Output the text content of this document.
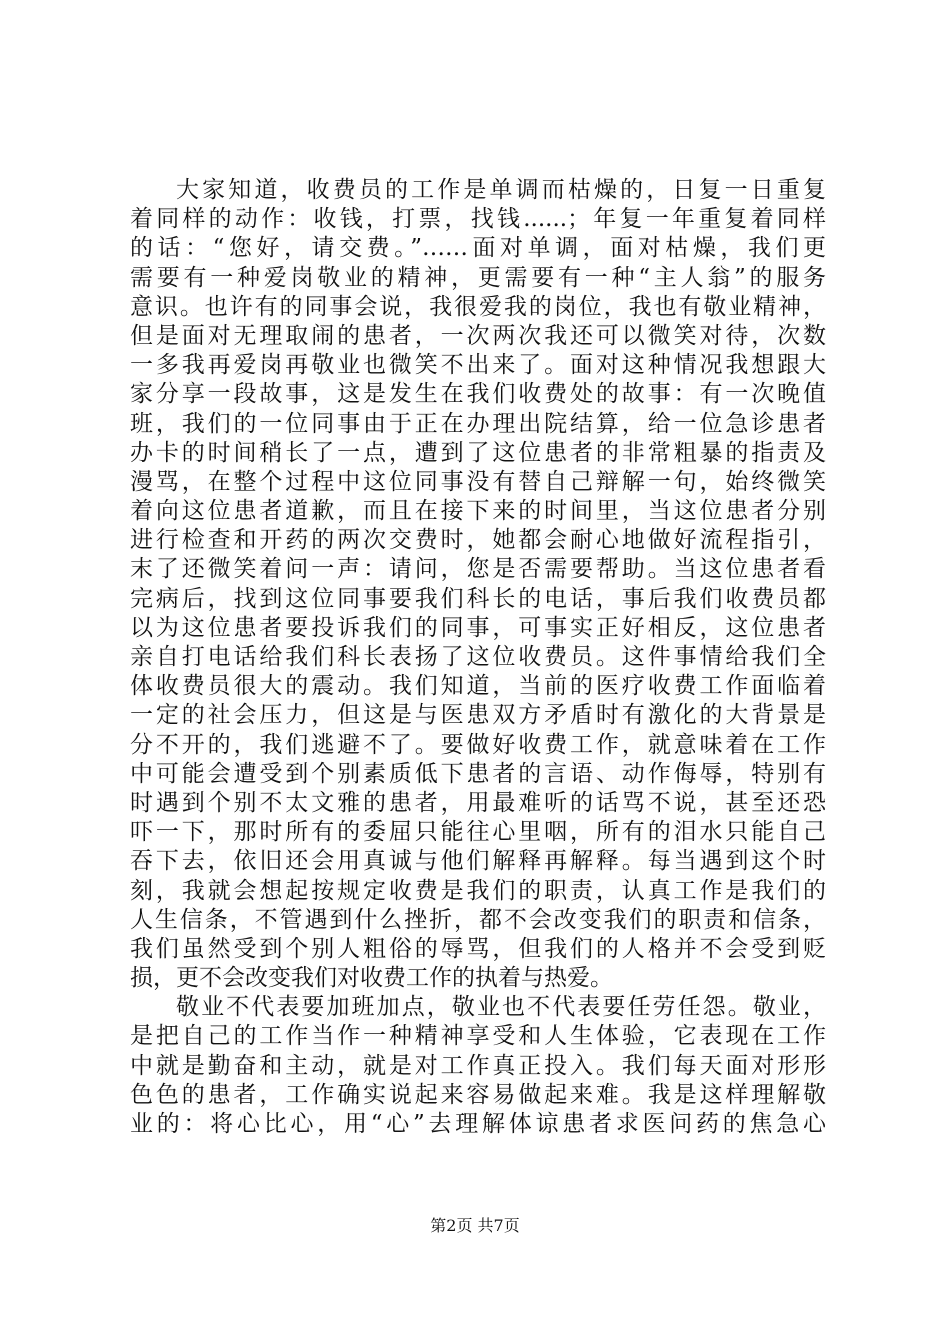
大家知道，收费员的工作是单调而枯燥的，日复一日重复
着同样的动作：收钱，打票，找钱......；年复一年重复着同样
的话：“您好，请交费。”……面对单调，面对枯燥，我们更
需要有一种爱岗敬业的精神，更需要有一种“主人翁”的服务
意识。也许有的同事会说，我很爱我的岗位，我也有敬业精神，
但是面对无理取闹的患者，一次两次我还可以微笑对待，次数
一多我再爱岗再敬业也微笑不出来了。面对这种情况我想跟大
家分享一段故事，这是发生在我们收费处的故事：有一次晚值
班，我们的一位同事由于正在办理出院结算，给一位急诊患者
办卡的时间稍长了一点，遭到了这位患者的非常粗暴的指责及
漫骂，在整个过程中这位同事没有替自己辩解一句，始终微笑
着向这位患者道歉，而且在接下来的时间里，当这位患者分别
进行检查和开药的两次交费时，她都会耐心地做好流程指引，
末了还微笑着问一声：请问，您是否需要帮助。当这位患者看
完病后，找到这位同事要我们科长的电话，事后我们收费员都
以为这位患者要投诉我们的同事，可事实正好相反，这位患者
亲自打电话给我们科长表扬了这位收费员。这件事情给我们全
体收费员很大的震动。我们知道，当前的医疗收费工作面临着
一定的社会压力，但这是与医患双方矛盾时有激化的大背景是
分不开的，我们逃避不了。要做好收费工作，就意味着在工作
中可能会遭受到个别素质低下患者的言语、动作侮辱，特别有
时遇到个别不太文雅的患者，用最难听的话骂不说，甚至还恐
吓一下，那时所有的委屈只能往心里咽，所有的泪水只能自己
吞下去，依旧还会用真诚与他们解释再解释。每当遇到这个时
刻，我就会想起按规定收费是我们的职责，认真工作是我们的
人生信条，不管遇到什么挫折，都不会改变我们的职责和信条，
我们虽然受到个别人粗俗的辱骂，但我们的人格并不会受到贬
损，更不会改变我们对收费工作的执着与热爱。
敬业不代表要加班加点，敬业也不代表要任劳任怨。敬业，
是把自己的工作当作一种精神享受和人生体验，它表现在工作
中就是勤奋和主动，就是对工作真正投入。我们每天面对形形
色色的患者，工作确实说起来容易做起来难。我是这样理解敬
业的：将心比心，用“心”去理解体谅患者求医问药的焦急心
第2页 共7页
